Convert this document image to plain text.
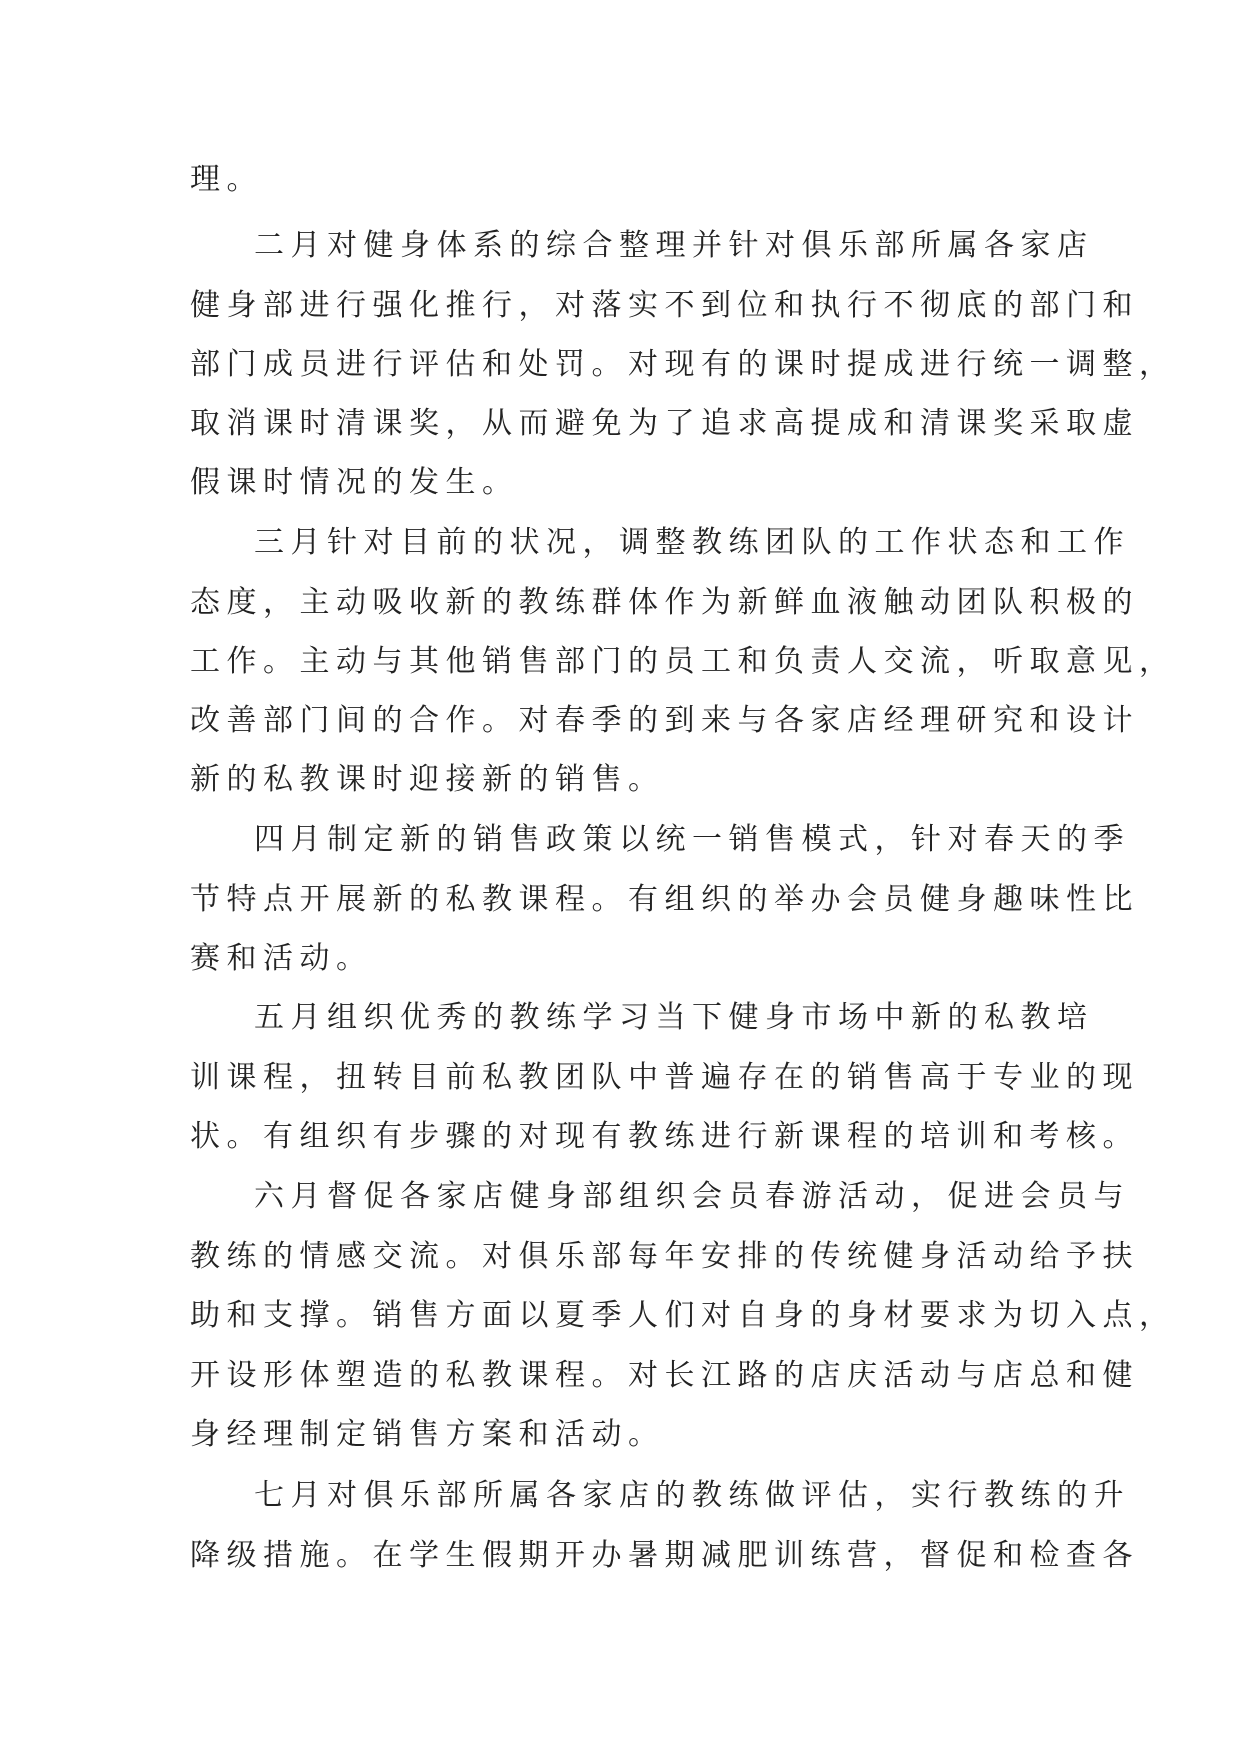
理。
二月对健身体系的综合整理并针对俱乐部所属各家店
健身部进行强化推行，对落实不到位和执行不彻底的部门和
部门成员进行评估和处罚。对现有的课时提成进行统一调整，
取消课时清课奖，从而避免为了追求高提成和清课奖采取虚
假课时情况的发生。
三月针对目前的状况，调整教练团队的工作状态和工作
态度，主动吸收新的教练群体作为新鲜血液触动团队积极的
工作。主动与其他销售部门的员工和负责人交流，听取意见，
改善部门间的合作。对春季的到来与各家店经理研究和设计
新的私教课时迎接新的销售。
四月制定新的销售政策以统一销售模式，针对春天的季
节特点开展新的私教课程。有组织的举办会员健身趣味性比
赛和活动。
五月组织优秀的教练学习当下健身市场中新的私教培
训课程，扭转目前私教团队中普遍存在的销售高于专业的现
状。有组织有步骤的对现有教练进行新课程的培训和考核。
六月督促各家店健身部组织会员春游活动，促进会员与
教练的情感交流。对俱乐部每年安排的传统健身活动给予扶
助和支撑。销售方面以夏季人们对自身的身材要求为切入点，
开设形体塑造的私教课程。对长江路的店庆活动与店总和健
身经理制定销售方案和活动。
七月对俱乐部所属各家店的教练做评估，实行教练的升
降级措施。在学生假期开办暑期减肥训练营，督促和检查各
